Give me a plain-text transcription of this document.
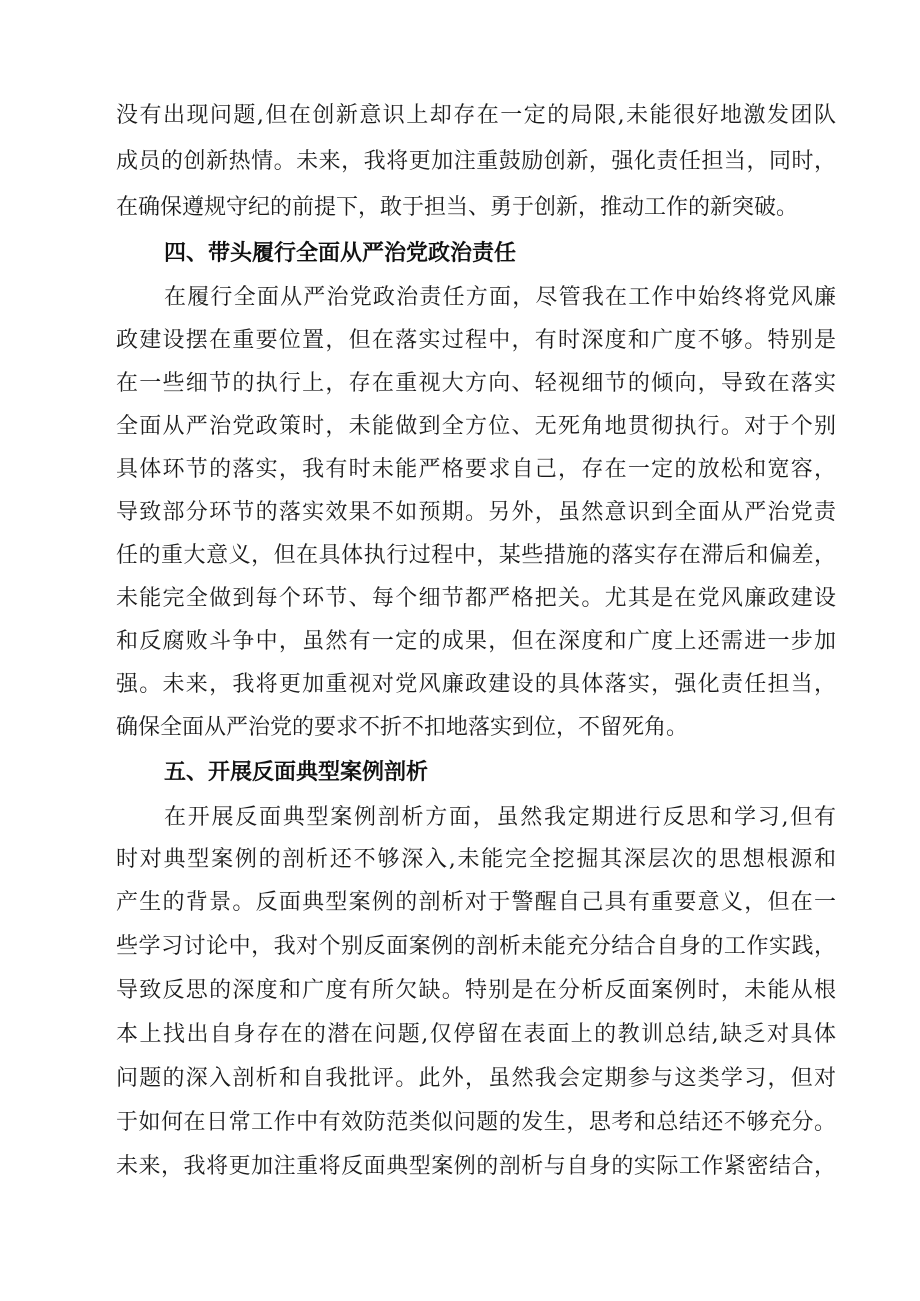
没有出现问题,但在创新意识上却存在一定的局限,未能很好地激发团队
成员的创新热情。未来，我将更加注重鼓励创新，强化责任担当，同时，
在确保遵规守纪的前提下，敢于担当、勇于创新，推动工作的新突破。
四、带头履行全面从严治党政治责任
在履行全面从严治党政治责任方面，尽管我在工作中始终将党风廉
政建设摆在重要位置，但在落实过程中，有时深度和广度不够。特别是
在一些细节的执行上，存在重视大方向、轻视细节的倾向，导致在落实
全面从严治党政策时，未能做到全方位、无死角地贯彻执行。对于个别
具体环节的落实，我有时未能严格要求自己，存在一定的放松和宽容，
导致部分环节的落实效果不如预期。另外，虽然意识到全面从严治党责
任的重大意义，但在具体执行过程中，某些措施的落实存在滞后和偏差，
未能完全做到每个环节、每个细节都严格把关。尤其是在党风廉政建设
和反腐败斗争中，虽然有一定的成果，但在深度和广度上还需进一步加
强。未来，我将更加重视对党风廉政建设的具体落实，强化责任担当，
确保全面从严治党的要求不折不扣地落实到位，不留死角。
五、开展反面典型案例剖析
在开展反面典型案例剖析方面，虽然我定期进行反思和学习,但有
时对典型案例的剖析还不够深入,未能完全挖掘其深层次的思想根源和
产生的背景。反面典型案例的剖析对于警醒自己具有重要意义，但在一
些学习讨论中，我对个别反面案例的剖析未能充分结合自身的工作实践，
导致反思的深度和广度有所欠缺。特别是在分析反面案例时，未能从根
本上找出自身存在的潜在问题,仅停留在表面上的教训总结,缺乏对具体
问题的深入剖析和自我批评。此外，虽然我会定期参与这类学习，但对
于如何在日常工作中有效防范类似问题的发生，思考和总结还不够充分。
未来，我将更加注重将反面典型案例的剖析与自身的实际工作紧密结合，
